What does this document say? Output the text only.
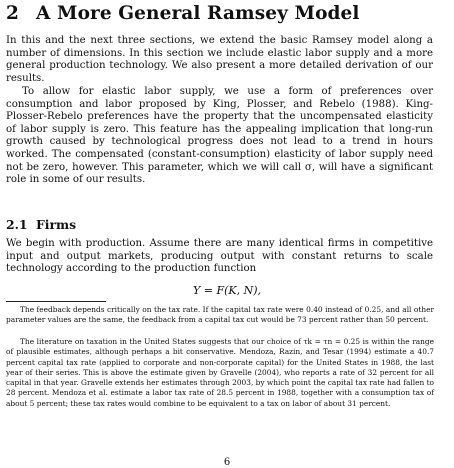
2 A More General Ramsey Model
In this and the next three sections, we extend the basic Ramsey model along a number of dimensions. In this section we include elastic labor supply and a more general production technology. We also present a more detailed derivation of our results.
To allow for elastic labor supply, we use a form of preferences over consumption and labor proposed by King, Plosser, and Rebelo (1988). King-Plosser-Rebelo preferences have the property that the uncompensated elasticity of labor supply is zero. This feature has the appealing implication that long-run growth caused by technological progress does not lead to a trend in hours worked. The compensated (constant-consumption) elasticity of labor supply need not be zero, however. This parameter, which we will call σ, will have a significant role in some of our results.
2.1 Firms
We begin with production. Assume there are many identical firms in competitive input and output markets, producing output with constant returns to scale technology according to the production function
Y = F(K, N),
The feedback depends critically on the tax rate. If the capital tax rate were 0.40 instead of 0.25, and all other parameter values are the same, the feedback from a capital tax cut would be 73 percent rather than 50 percent.
The literature on taxation in the United States suggests that our choice of τk = τn = 0.25 is within the range of plausible estimates, although perhaps a bit conservative. Mendoza, Razin, and Tesar (1994) estimate a 40.7 percent capital tax rate (applied to corporate and non-corporate capital) for the United States in 1988, the last year of their series. This is above the estimate given by Gravelle (2004), who reports a rate of 32 percent for all capital in that year. Gravelle extends her estimates through 2003, by which point the capital tax rate had fallen to 28 percent. Mendoza et al. estimate a labor tax rate of 28.5 percent in 1988, together with a consumption tax of about 5 percent; these tax rates would combine to be equivalent to a tax on labor of about 31 percent.
6
